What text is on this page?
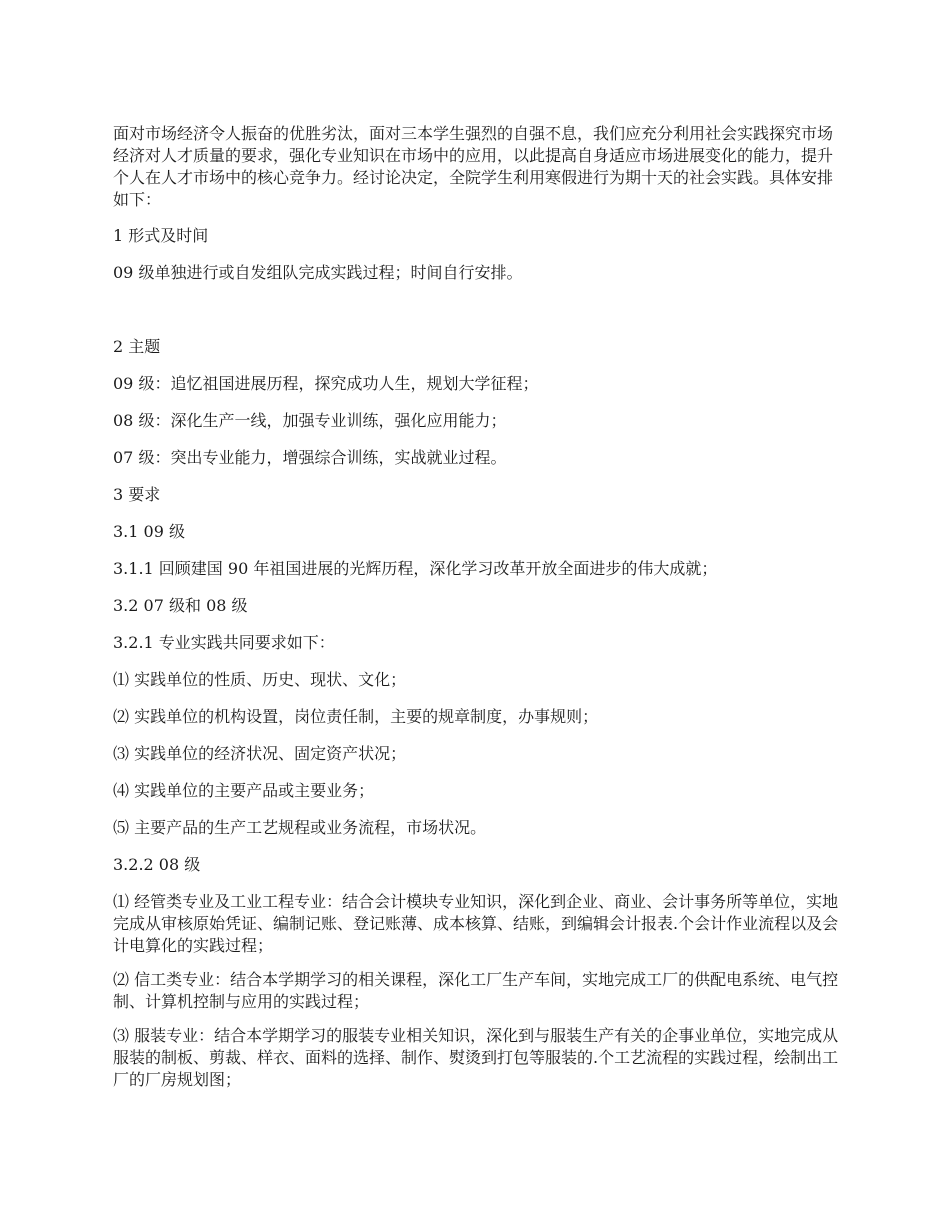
面对市场经济令人振奋的优胜劣汰，面对三本学生强烈的自强不息，我们应充分利用社会实践探究市场经济对人才质量的要求，强化专业知识在市场中的应用，以此提高自身适应市场进展变化的能力，提升个人在人才市场中的核心竞争力。经讨论决定，全院学生利用寒假进行为期十天的社会实践。具体安排如下：

1 形式及时间

09 级单独进行或自发组队完成实践过程；时间自行安排。

2 主题

09 级：追忆祖国进展历程，探究成功人生，规划大学征程；

08 级：深化生产一线，加强专业训练，强化应用能力；

07 级：突出专业能力，增强综合训练，实战就业过程。

3 要求

3.1 09 级

3.1.1 回顾建国 90 年祖国进展的光辉历程，深化学习改革开放全面进步的伟大成就；

3.2 07 级和 08 级

3.2.1 专业实践共同要求如下：

⑴ 实践单位的性质、历史、现状、文化；

⑵ 实践单位的机构设置，岗位责任制，主要的规章制度，办事规则；

⑶ 实践单位的经济状况、固定资产状况；

⑷ 实践单位的主要产品或主要业务；

⑸ 主要产品的生产工艺规程或业务流程，市场状况。

3.2.2 08 级

⑴ 经管类专业及工业工程专业：结合会计模块专业知识，深化到企业、商业、会计事务所等单位，实地完成从审核原始凭证、编制记账、登记账薄、成本核算、结账，到编辑会计报表.个会计作业流程以及会计电算化的实践过程；

⑵ 信工类专业：结合本学期学习的相关课程，深化工厂生产车间，实地完成工厂的供配电系统、电气控制、计算机控制与应用的实践过程；

⑶ 服装专业：结合本学期学习的服装专业相关知识，深化到与服装生产有关的企事业单位，实地完成从服装的制板、剪裁、样衣、面料的选择、制作、熨烫到打包等服装的.个工艺流程的实践过程，绘制出工厂的厂房规划图；
